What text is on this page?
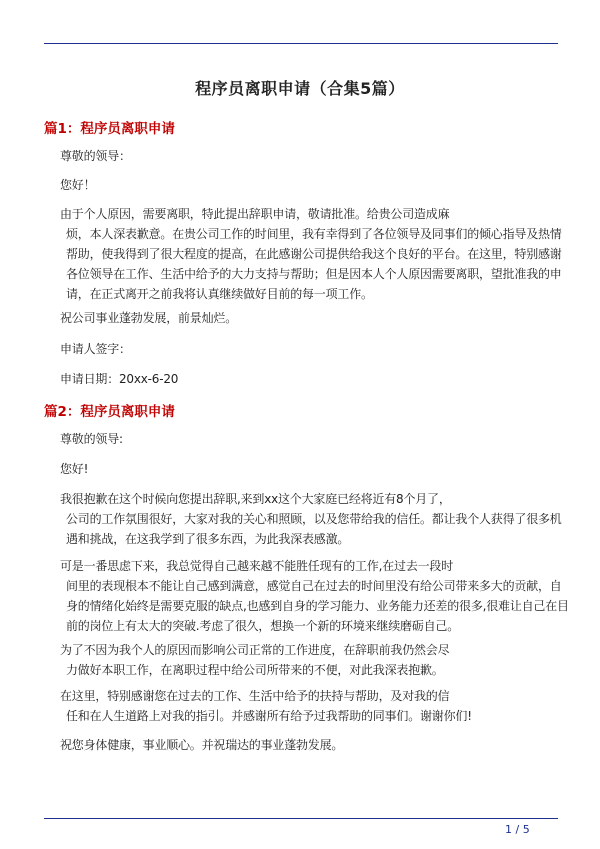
程序员离职申请（合集5篇）
篇1：程序员离职申请
尊敬的领导：
您好！
由于个人原因，需要离职，特此提出辞职申请，敬请批准。给贵公司造成麻
烦，本人深表歉意。在贵公司工作的时间里，我有幸得到了各位领导及同事们的倾心指导及热情
帮助，使我得到了很大程度的提高，在此感谢公司提供给我这个良好的平台。在这里，特别感谢
各位领导在工作、生活中给予的大力支持与帮助；但是因本人个人原因需要离职，望批准我的申
请，在正式离开之前我将认真继续做好目前的每一项工作。
祝公司事业蓬勃发展，前景灿烂。
申请人签字：
申请日期：20xx-6-20
篇2：程序员离职申请
尊敬的领导:
您好!
我很抱歉在这个时候向您提出辞职,来到xx这个大家庭已经将近有8个月了，
公司的工作氛围很好，大家对我的关心和照顾，以及您带给我的信任。都让我个人获得了很多机
遇和挑战，在这我学到了很多东西，为此我深表感激。
可是一番思虑下来，我总觉得自己越来越不能胜任现有的工作,在过去一段时
间里的表现根本不能让自己感到满意，感觉自己在过去的时间里没有给公司带来多大的贡献，自
身的情绪化始终是需要克服的缺点,也感到自身的学习能力、业务能力还差的很多,很难让自己在目
前的岗位上有太大的突破.考虑了很久，想换一个新的环境来继续磨砺自己。
为了不因为我个人的原因而影响公司正常的工作进度，在辞职前我仍然会尽
力做好本职工作，在离职过程中给公司所带来的不便，对此我深表抱歉。
在这里，特别感谢您在过去的工作、生活中给予的扶持与帮助，及对我的信
任和在人生道路上对我的指引。并感谢所有给予过我帮助的同事们。谢谢你们!
祝您身体健康，事业顺心。并祝瑞达的事业蓬勃发展。
1 / 5
